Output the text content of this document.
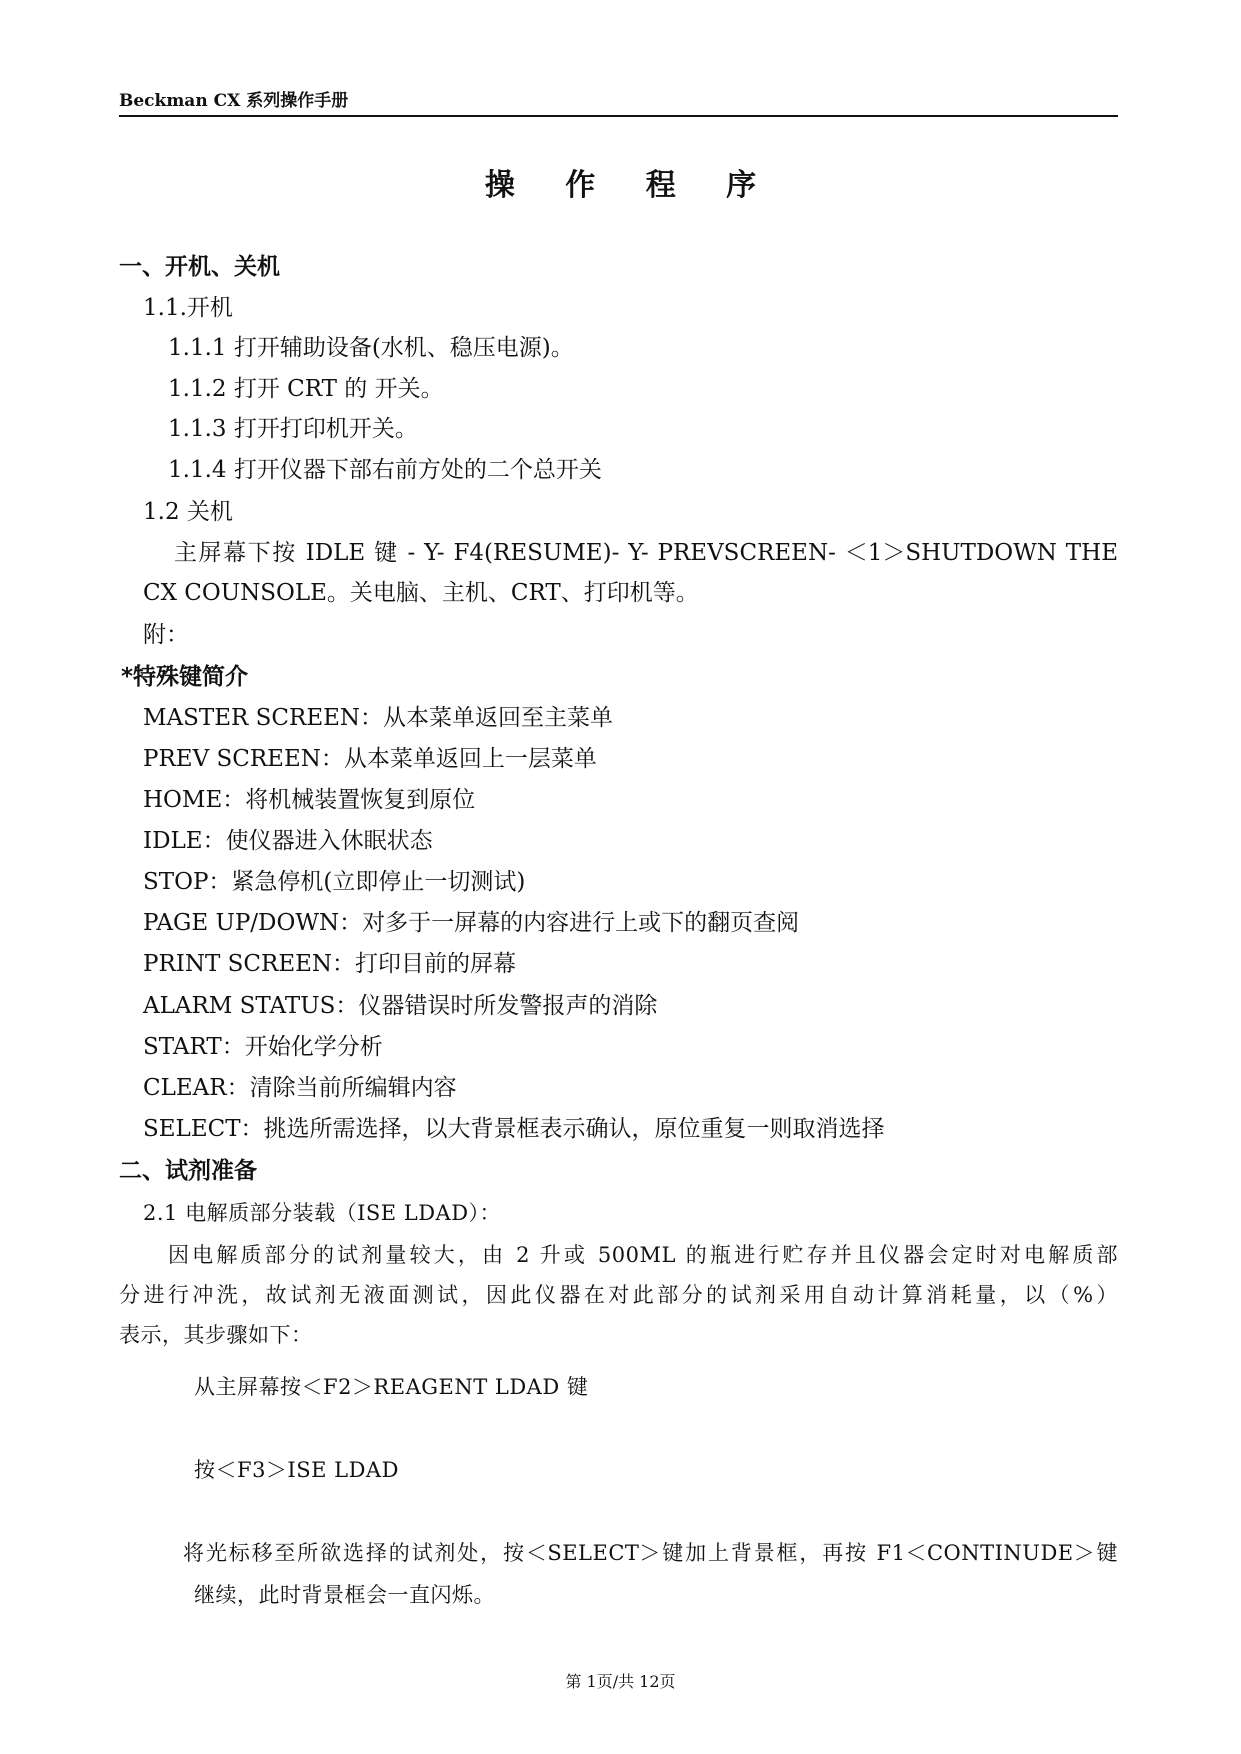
Beckman CX 系列操作手册
操 作 程 序
一、开机、关机
1.1.开机
1.1.1 打开辅助设备(水机、稳压电源)。
1.1.2 打开 CRT 的 开关。
1.1.3 打开打印机开关。
1.1.4 打开仪器下部右前方处的二个总开关
1.2 关机
主屏幕下按 IDLE 键 - Y- F4(RESUME)- Y- PREVSCREEN- ＜1＞SHUTDOWN THE
CX COUNSOLE。关电脑、主机、CRT、打印机等。
附：
*特殊键简介
MASTER SCREEN：从本菜单返回至主菜单
PREV SCREEN：从本菜单返回上一层菜单
HOME：将机械装置恢复到原位
IDLE：使仪器进入休眠状态
STOP：紧急停机(立即停止一切测试)
PAGE UP/DOWN：对多于一屏幕的内容进行上或下的翻页查阅
PRINT SCREEN：打印目前的屏幕
ALARM STATUS：仪器错误时所发警报声的消除
START：开始化学分析
CLEAR：清除当前所编辑内容
SELECT：挑选所需选择，以大背景框表示确认，原位重复一则取消选择
二、试剂准备
2.1 电解质部分装载（ISE LDAD）：
因电解质部分的试剂量较大，由 2 升或 500ML 的瓶进行贮存并且仪器会定时对电解质部
分进行冲洗，故试剂无液面测试，因此仪器在对此部分的试剂采用自动计算消耗量，以（%）
表示，其步骤如下：
从主屏幕按＜F2＞REAGENT LDAD 键
按＜F3＞ISE LDAD
将光标移至所欲选择的试剂处，按＜SELECT＞键加上背景框，再按 F1＜CONTINUDE＞键
继续，此时背景框会一直闪烁。
第 1页/共 12页
